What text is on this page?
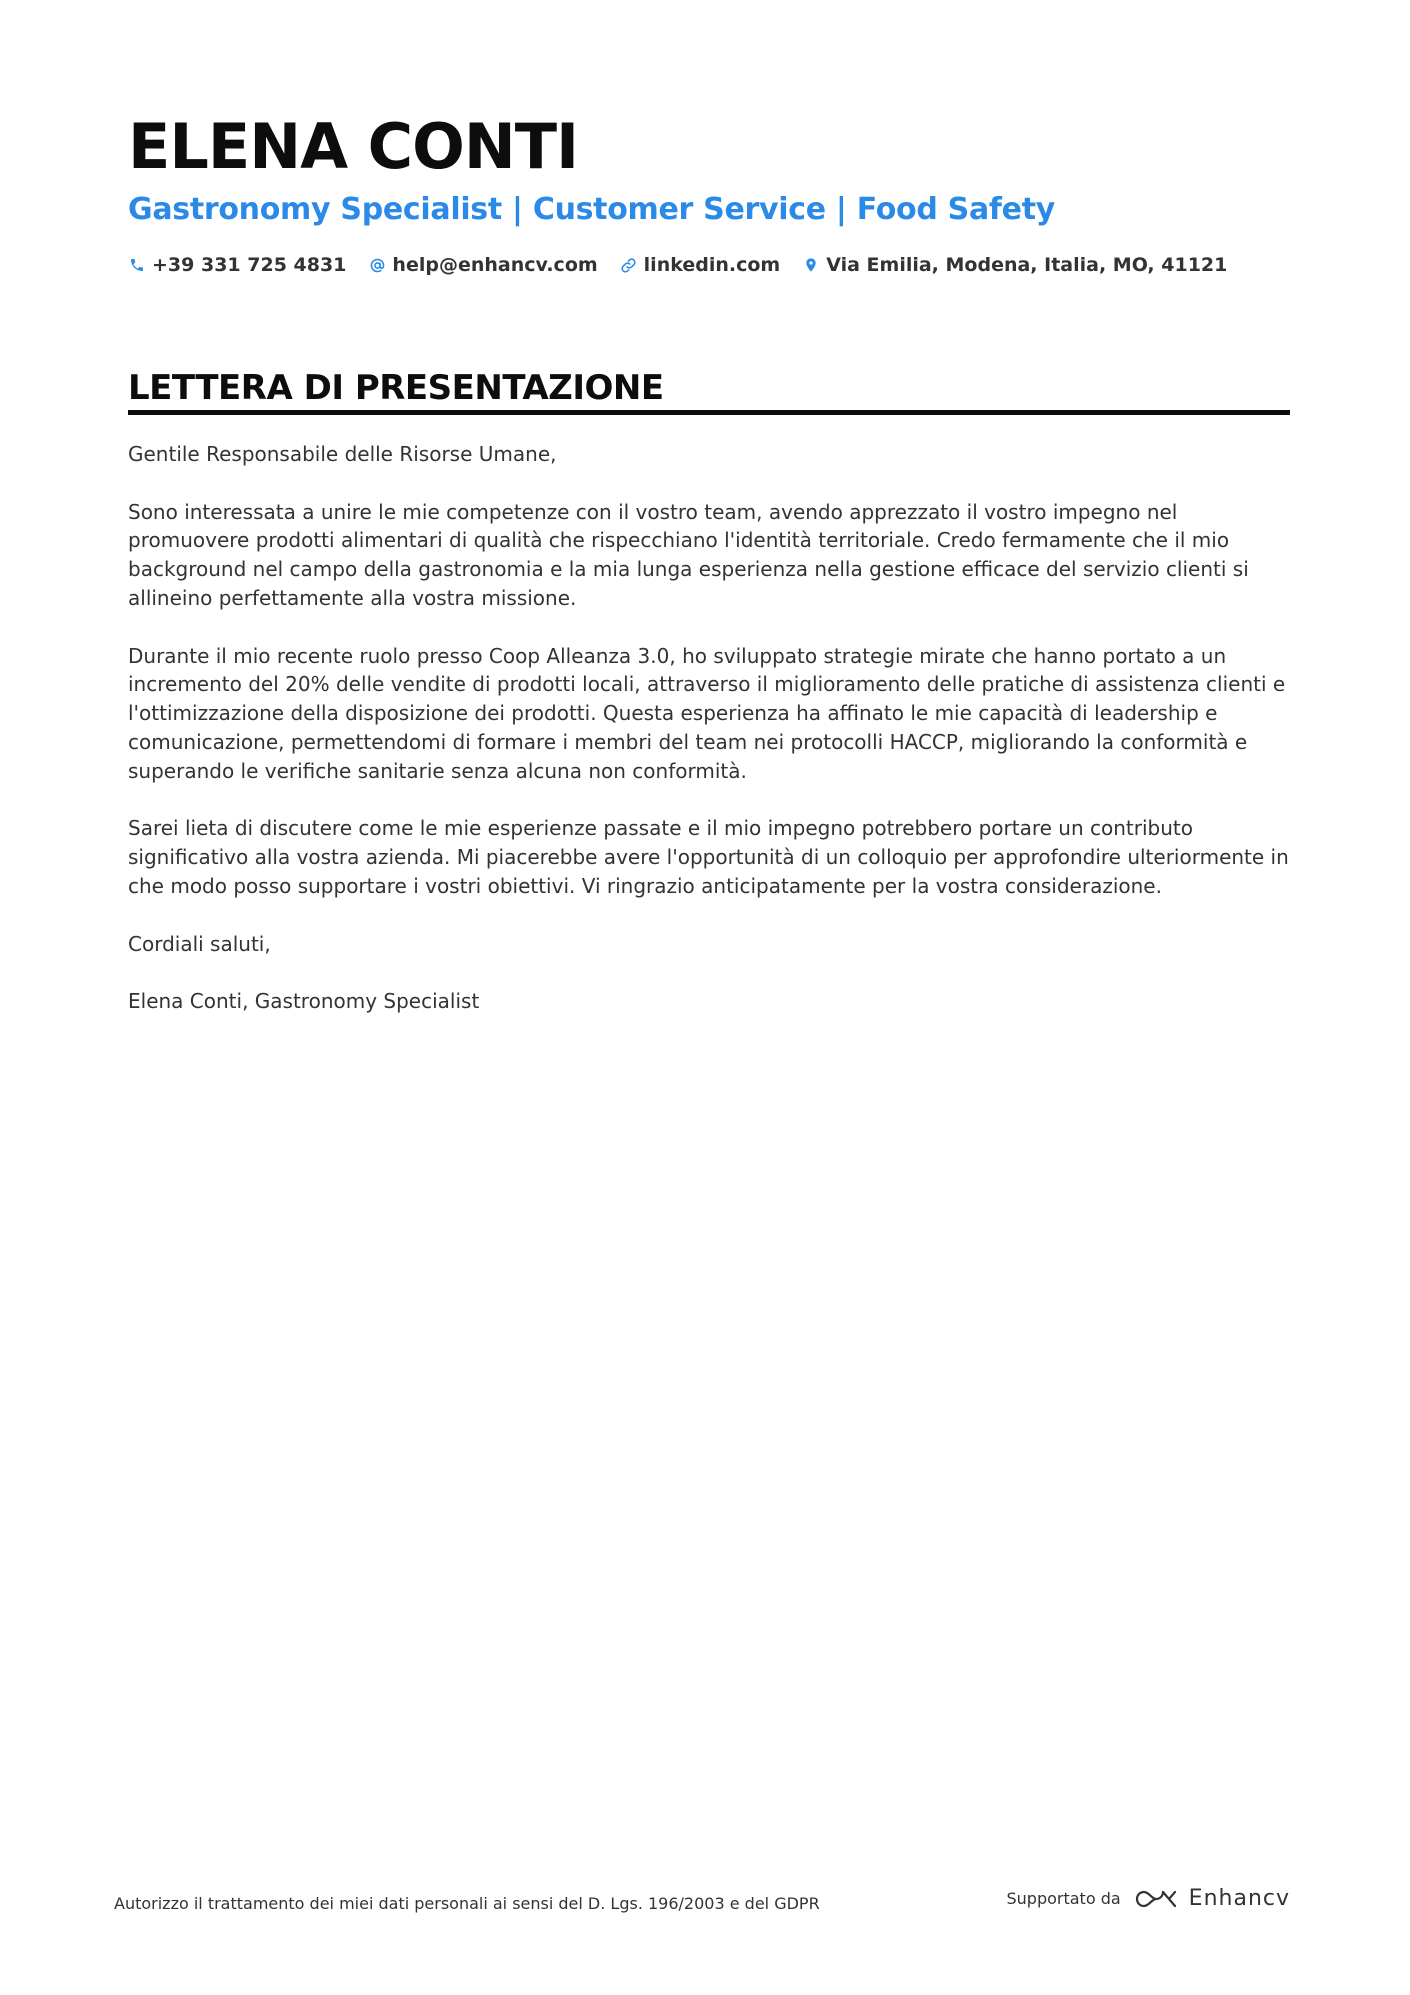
ELENA CONTI
Gastronomy Specialist | Customer Service | Food Safety
+39 331 725 4831 help@enhancv.com linkedin.com Via Emilia, Modena, Italia, MO, 41121
LETTERA DI PRESENTAZIONE

Gentile Responsabile delle Risorse Umane,

Sono interessata a unire le mie competenze con il vostro team, avendo apprezzato il vostro impegno nel promuovere prodotti alimentari di qualità che rispecchiano l'identità territoriale. Credo fermamente che il mio background nel campo della gastronomia e la mia lunga esperienza nella gestione efficace del servizio clienti si allineino perfettamente alla vostra missione.

Durante il mio recente ruolo presso Coop Alleanza 3.0, ho sviluppato strategie mirate che hanno portato a un incremento del 20% delle vendite di prodotti locali, attraverso il miglioramento delle pratiche di assistenza clienti e l'ottimizzazione della disposizione dei prodotti. Questa esperienza ha affinato le mie capacità di leadership e comunicazione, permettendomi di formare i membri del team nei protocolli HACCP, migliorando la conformità e superando le verifiche sanitarie senza alcuna non conformità.

Sarei lieta di discutere come le mie esperienze passate e il mio impegno potrebbero portare un contributo significativo alla vostra azienda. Mi piacerebbe avere l'opportunità di un colloquio per approfondire ulteriormente in che modo posso supportare i vostri obiettivi. Vi ringrazio anticipatamente per la vostra considerazione.

Cordiali saluti,

Elena Conti, Gastronomy Specialist

Autorizzo il trattamento dei miei dati personali ai sensi del D. Lgs. 196/2003 e del GDPR	Supportato da	Enhancv
